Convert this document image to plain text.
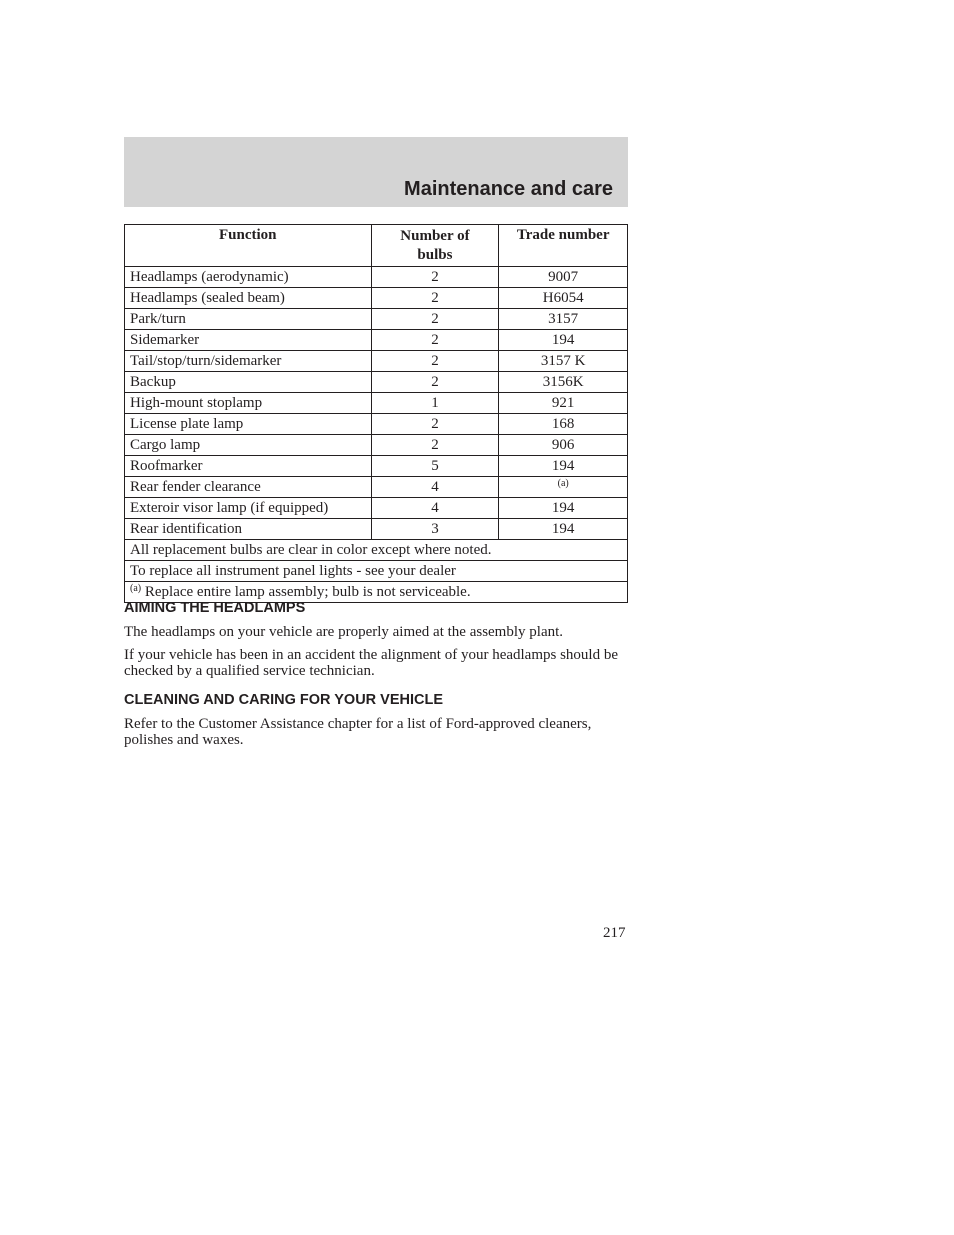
Maintenance and care
Function	Number of bulbs	Trade number
Headlamps (aerodynamic)	2	9007
Headlamps (sealed beam)	2	H6054
Park/turn	2	3157
Sidemarker	2	194
Tail/stop/turn/sidemarker	2	3157 K
Backup	2	3156K
High-mount stoplamp	1	921
License plate lamp	2	168
Cargo lamp	2	906
Roofmarker	5	194
Rear fender clearance	4	$^{(a)}$
Exteroir visor lamp (if equipped)	4	194
Rear identification	3	194
All replacement bulbs are clear in color except where noted.		
To replace all instrument panel lights - see your dealer		
$^{(a)}$ Replace entire lamp assembly; bulb is not serviceable.		
AIMING THE HEADLAMPS
The headlamps on your vehicle are properly aimed at the assembly plant.
If your vehicle has been in an accident the alignment of your headlamps should be checked by a qualified service technician.
CLEANING AND CARING FOR YOUR VEHICLE
Refer to the Customer Assistance chapter for a list of Ford-approved cleaners, polishes and waxes.
217
